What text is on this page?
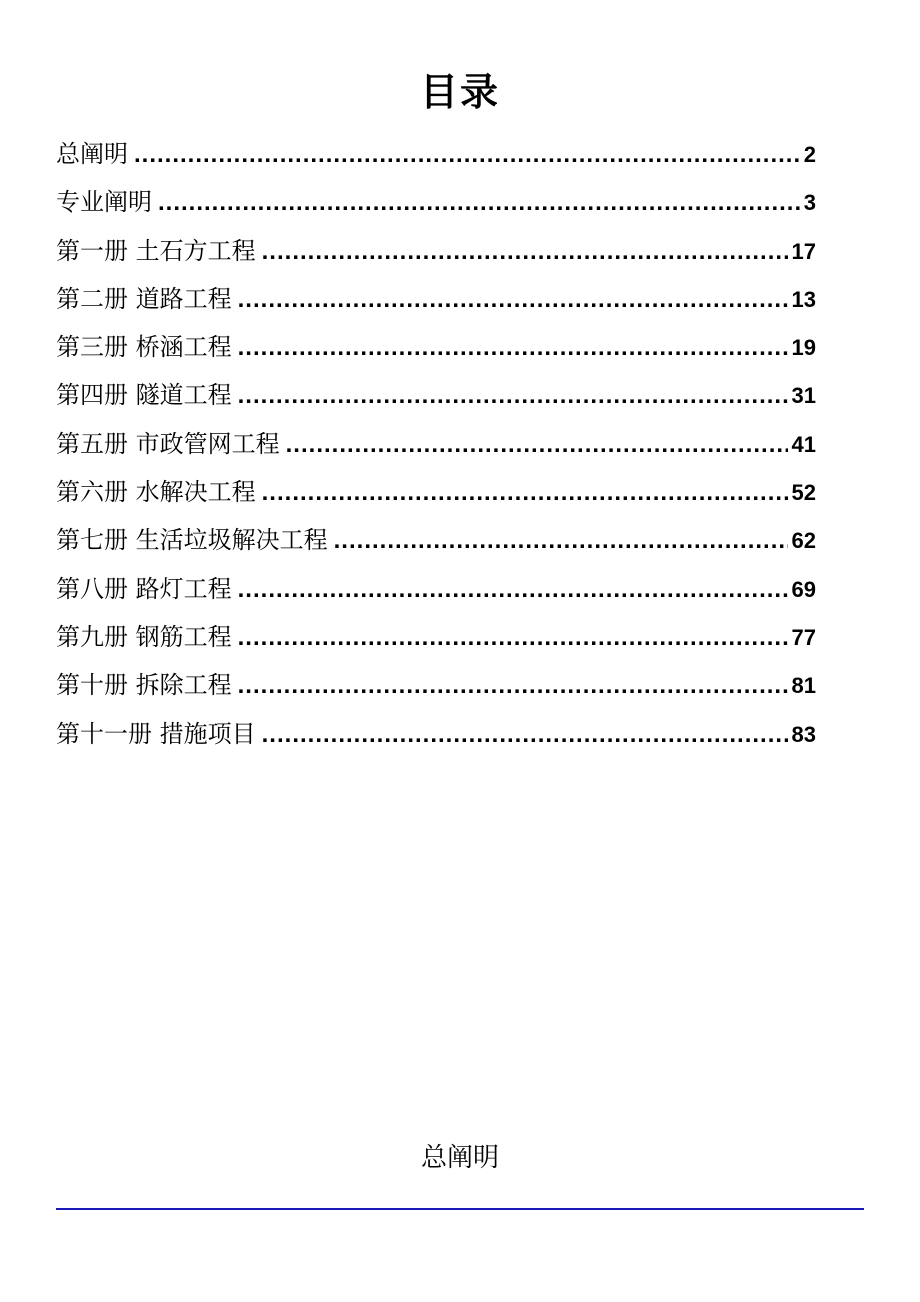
目录
总阐明 .....	2
专业阐明 .....	3
第一册 土石方工程 .....	17
第二册 道路工程 .....	13
第三册 桥涵工程 .....	19
第四册 隧道工程 .....	31
第五册 市政管网工程 .....	41
第六册 水解决工程 .....	52
第七册 生活垃圾解决工程 .....	62
第八册 路灯工程 .....	69
第九册 钢筋工程 .....	77
第十册 拆除工程 .....	81
第十一册 措施项目 .....	83
总阐明
